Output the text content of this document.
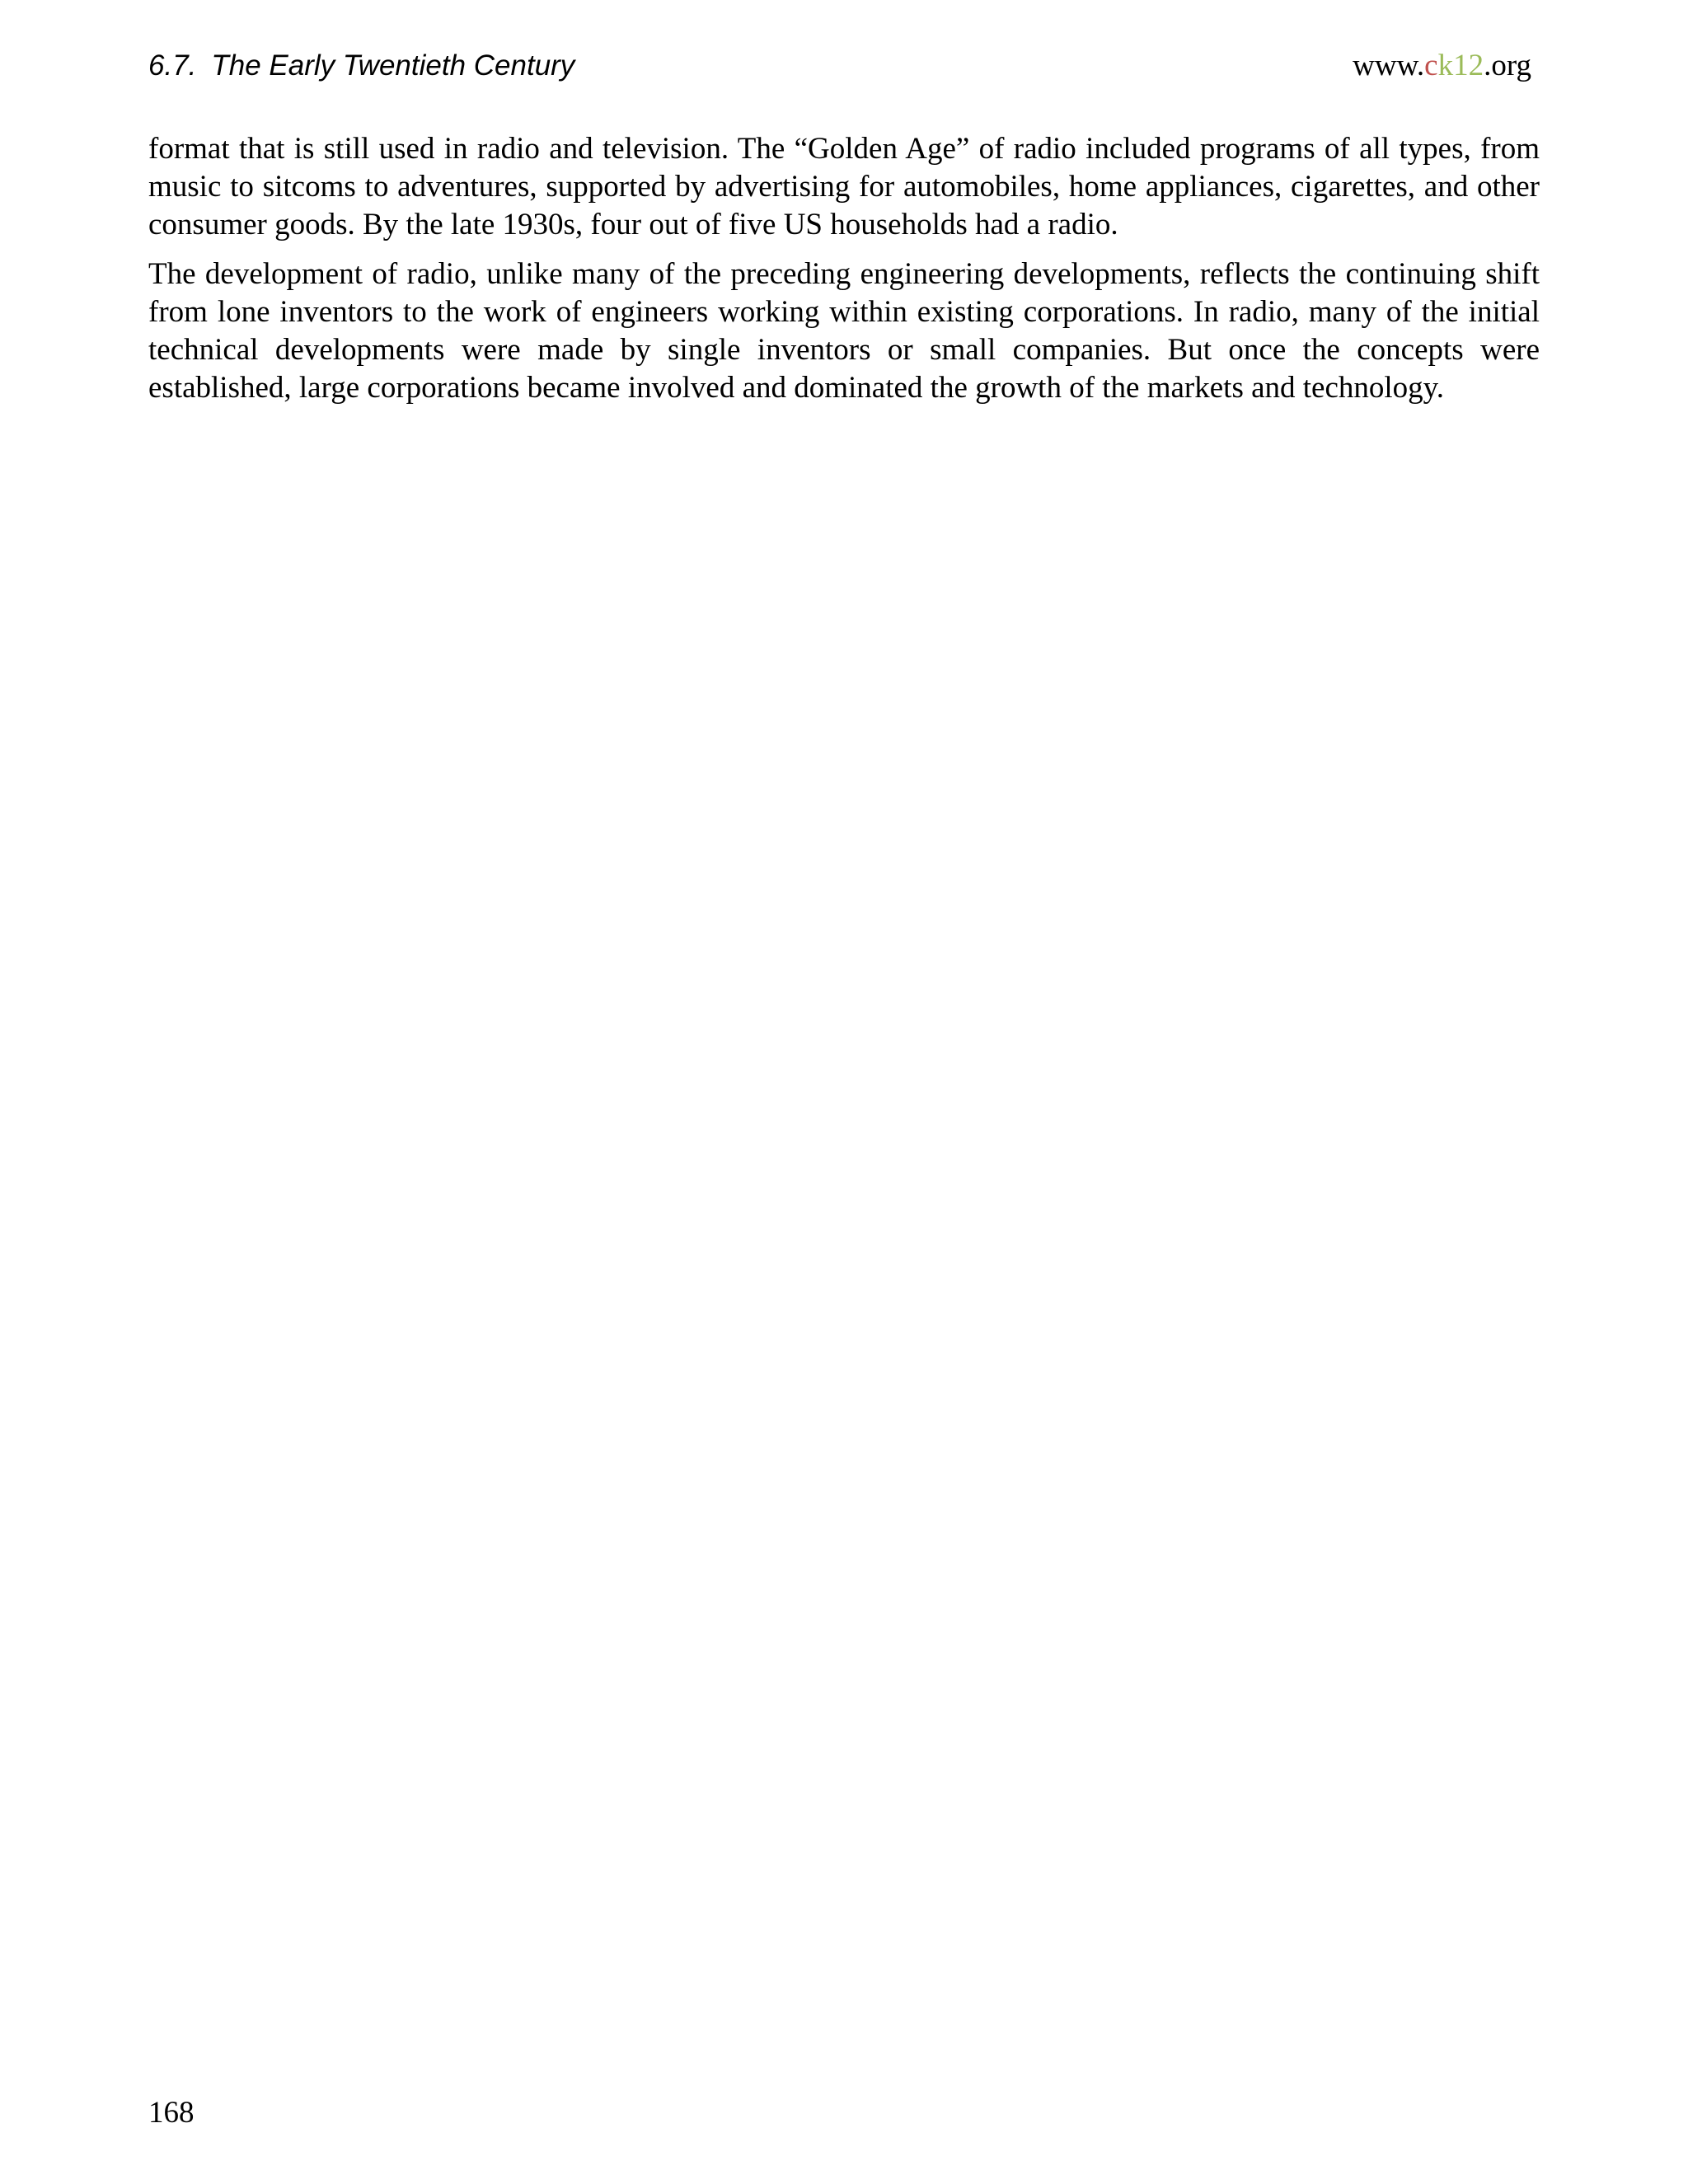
6.7. The Early Twentieth Century	www.ck12.org

format that is still used in radio and television. The “Golden Age” of radio included programs of all types, from music to sitcoms to adventures, supported by advertising for automobiles, home appliances, cigarettes, and other consumer goods. By the late 1930s, four out of five US households had a radio.

The development of radio, unlike many of the preceding engineering developments, reflects the continuing shift from lone inventors to the work of engineers working within existing corporations. In radio, many of the initial technical developments were made by single inventors or small companies. But once the concepts were established, large corporations became involved and dominated the growth of the markets and technology.

168
